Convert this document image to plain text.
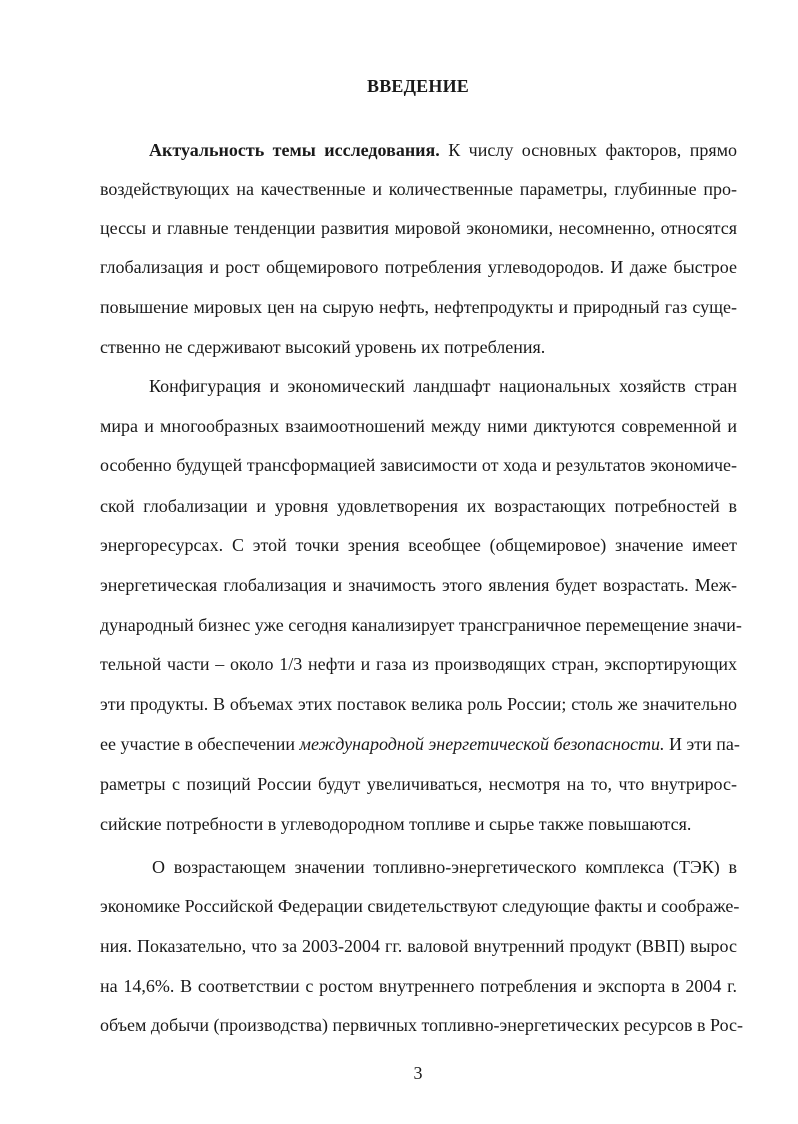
ВВЕДЕНИЕ
Актуальность темы исследования. К числу основных факторов, прямо
воздействующих на качественные и количественные параметры, глубинные про-
цессы и главные тенденции развития мировой экономики, несомненно, относятся
глобализация и рост общемирового потребления углеводородов. И даже быстрое
повышение мировых цен на сырую нефть, нефтепродукты и природный газ суще-
ственно не сдерживают высокий уровень их потребления.
Конфигурация и экономический ландшафт национальных хозяйств стран
мира и многообразных взаимоотношений между ними диктуются современной и
особенно будущей трансформацией зависимости от хода и результатов экономиче-
ской глобализации и уровня удовлетворения их возрастающих потребностей в
энергоресурсах. С этой точки зрения всеобщее (общемировое) значение имеет
энергетическая глобализация и значимость этого явления будет возрастать. Меж-
дународный бизнес уже сегодня канализирует трансграничное перемещение значи-
тельной части – около 1/3 нефти и газа из производящих стран, экспортирующих
эти продукты. В объемах этих поставок велика роль России; столь же значительно
ее участие в обеспечении международной энергетической безопасности. И эти па-
раметры с позиций России будут увеличиваться, несмотря на то, что внутрирос-
сийские потребности в углеводородном топливе и сырье также повышаются.
О возрастающем значении топливно-энергетического комплекса (ТЭК) в
экономике Российской Федерации свидетельствуют следующие факты и соображе-
ния. Показательно, что за 2003-2004 гг. валовой внутренний продукт (ВВП) вырос
на 14,6%. В соответствии с ростом внутреннего потребления и экспорта в 2004 г.
объем добычи (производства) первичных топливно-энергетических ресурсов в Рос-
3
